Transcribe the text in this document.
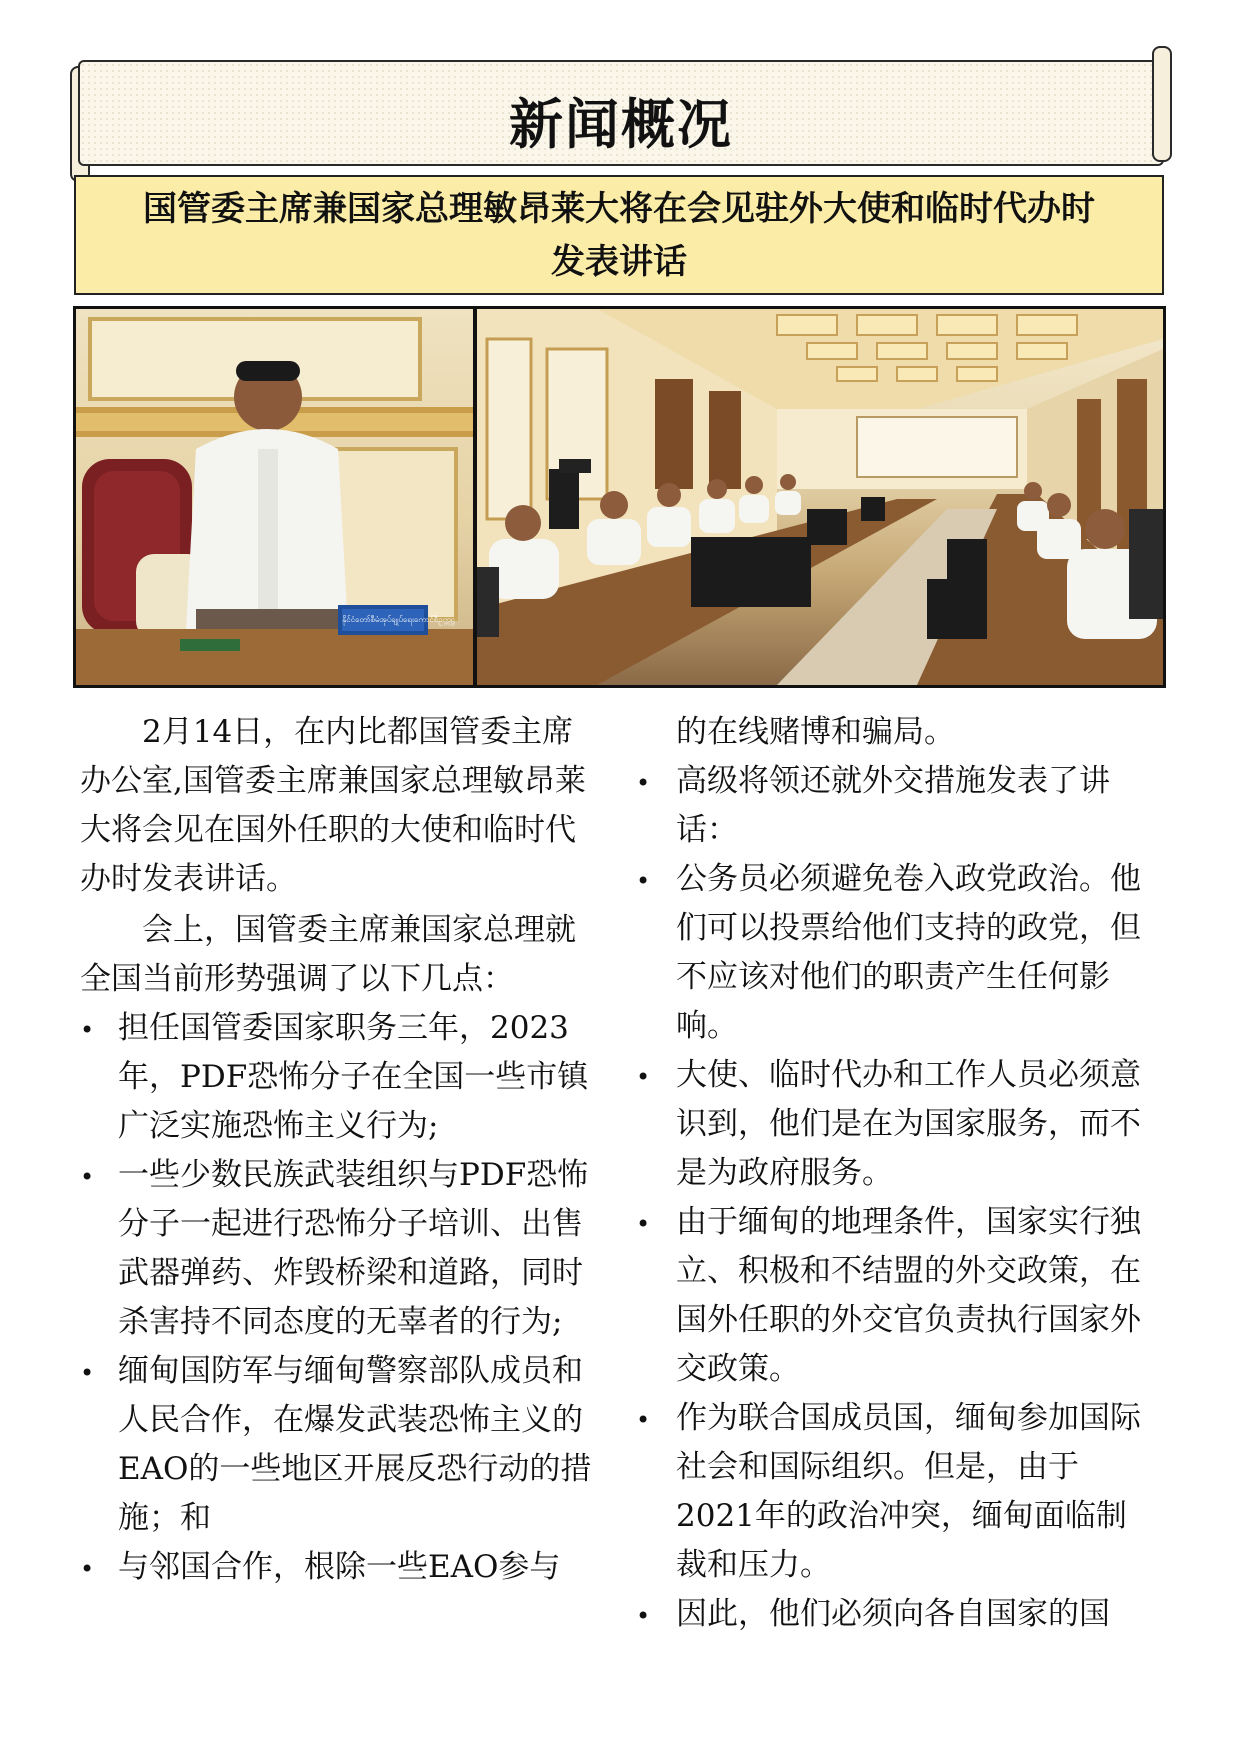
新闻概况
国管委主席兼国家总理敏昂莱大将在会见驻外大使和临时代办时
发表讲话
နိုင်ငံတော်စီမံအုပ်ချုပ်ရေးကောင်စီဥက္ကဋ္ဌ

2月14日，在内比都国管委主席办公室,国管委主席兼国家总理敏昂莱大将会见在国外任职的大使和临时代办时发表讲话。

会上，国管委主席兼国家总理就全国当前形势强调了以下几点：

• 担任国管委国家职务三年，2023年，PDF恐怖分子在全国一些市镇广泛实施恐怖主义行为;
• 一些少数民族武装组织与PDF恐怖分子一起进行恐怖分子培训、出售武器弹药、炸毁桥梁和道路，同时杀害持不同态度的无辜者的行为;
• 缅甸国防军与缅甸警察部队成员和人民合作，在爆发武装恐怖主义的EAO的一些地区开展反恐行动的措施；和
• 与邻国合作，根除一些EAO参与

的在线赌博和骗局。

• 高级将领还就外交措施发表了讲话：
• 公务员必须避免卷入政党政治。他们可以投票给他们支持的政党，但不应该对他们的职责产生任何影响。
• 大使、临时代办和工作人员必须意识到，他们是在为国家服务，而不是为政府服务。
• 由于缅甸的地理条件，国家实行独立、积极和不结盟的外交政策，在国外任职的外交官负责执行国家外交政策。
• 作为联合国成员国，缅甸参加国际社会和国际组织。但是，由于2021年的政治冲突，缅甸面临制裁和压力。
• 因此，他们必须向各自国家的国
